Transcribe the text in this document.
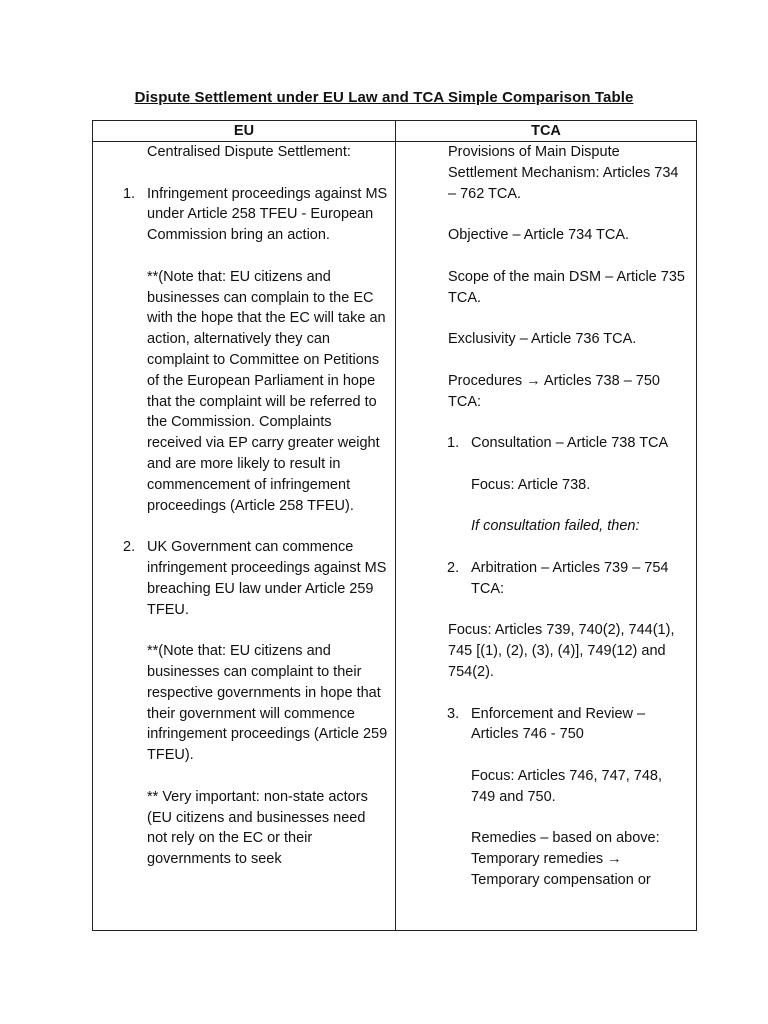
Dispute Settlement under EU Law and TCA Simple Comparison Table
EU	TCA

Centralised Dispute Settlement:

1. Infringement proceedings against MS under Article 258 TFEU - European Commission bring an action.

**(Note that: EU citizens and businesses can complain to the EC with the hope that the EC will take an action, alternatively they can complaint to Committee on Petitions of the European Parliament in hope that the complaint will be referred to the Commission. Complaints received via EP carry greater weight and are more likely to result in commencement of infringement proceedings (Article 258 TFEU).

2. UK Government can commence infringement proceedings against MS breaching EU law under Article 259 TFEU.

**(Note that: EU citizens and businesses can complaint to their respective governments in hope that their government will commence infringement proceedings (Article 259 TFEU).

** Very important: non-state actors (EU citizens and businesses need not rely on the EC or their governments to seek

Provisions of Main Dispute Settlement Mechanism: Articles 734 – 762 TCA.

Objective – Article 734 TCA.

Scope of the main DSM – Article 735 TCA.

Exclusivity – Article 736 TCA.

Procedures → Articles 738 – 750 TCA:

1. Consultation – Article 738 TCA

Focus: Article 738.

If consultation failed, then:

2. Arbitration – Articles 739 – 754 TCA:

Focus: Articles 739, 740(2), 744(1), 745 [(1), (2), (3), (4)], 749(12) and 754(2).

3. Enforcement and Review – Articles 746 - 750

Focus: Articles 746, 747, 748, 749 and 750.

Remedies – based on above: Temporary remedies → Temporary compensation or
